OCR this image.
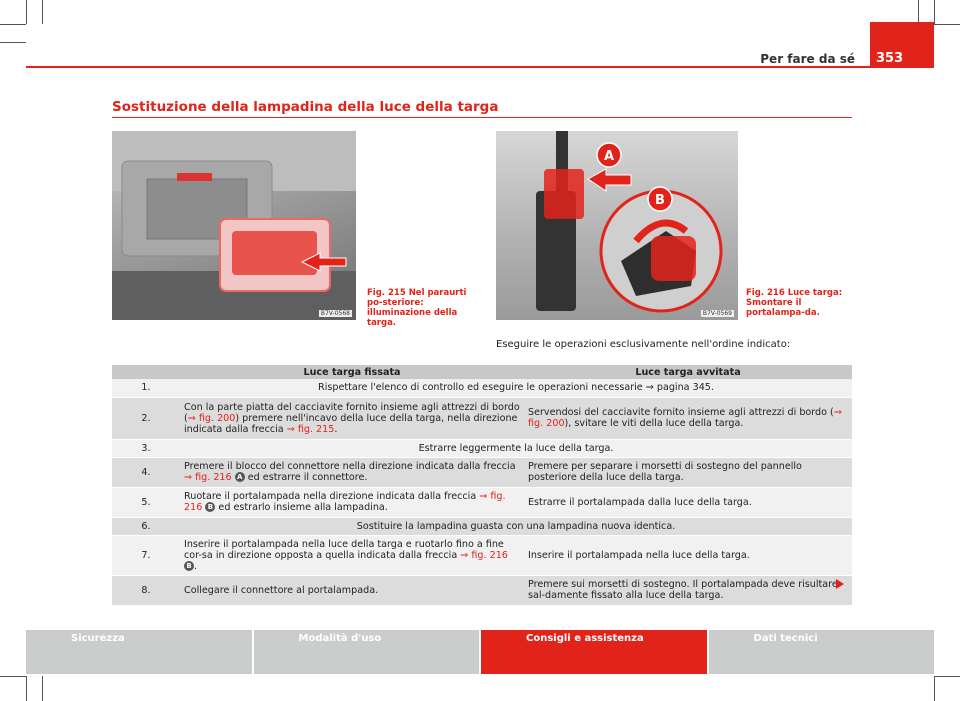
Per fare da sé	353
Sostituzione della lampadina della luce della targa
B7V-0568
Fig. 215 Nel paraurti po-steriore: illuminazione della targa.
A
B
B7V-0569
Fig. 216 Luce targa: Smontare il portalampa-da.
Eseguire le operazioni esclusivamente nell'ordine indicato:
	Luce targa fissata	Luce targa avvitata
1.	Rispettare l'elenco di controllo ed eseguire le operazioni necessarie ⇒ pagina 345.	
2.	Con la parte piatta del cacciavite fornito insieme agli attrezzi di bordo (⇒ fig. 200) premere nell'incavo della luce della targa, nella direzione indicata dalla freccia ⇒ fig. 215.	Servendosi del cacciavite fornito insieme agli attrezzi di bordo (⇒ fig. 200), svitare le viti della luce della targa.
3.	Estrarre leggermente la luce della targa.	
4.	Premere il blocco del connettore nella direzione indicata dalla freccia ⇒ fig. 216 A ed estrarre il connettore.	Premere per separare i morsetti di sostegno del pannello posteriore della luce della targa.
5.	Ruotare il portalampada nella direzione indicata dalla freccia ⇒ fig. 216 B ed estrarlo insieme alla lampadina.	Estrarre il portalampada dalla luce della targa.
6.	Sostituire la lampadina guasta con una lampadina nuova identica.	
7.	Inserire il portalampada nella luce della targa e ruotarlo fino a fine cor-sa in direzione opposta a quella indicata dalla freccia ⇒ fig. 216 B .	Inserire il portalampada nella luce della targa.
8.	Collegare il connettore al portalampada.	Premere sui morsetti di sostegno. Il portalampada deve risultare sal-damente fissato alla luce della targa.
Sicurezza	Modalità d'uso	Consigli e assistenza	Dati tecnici
